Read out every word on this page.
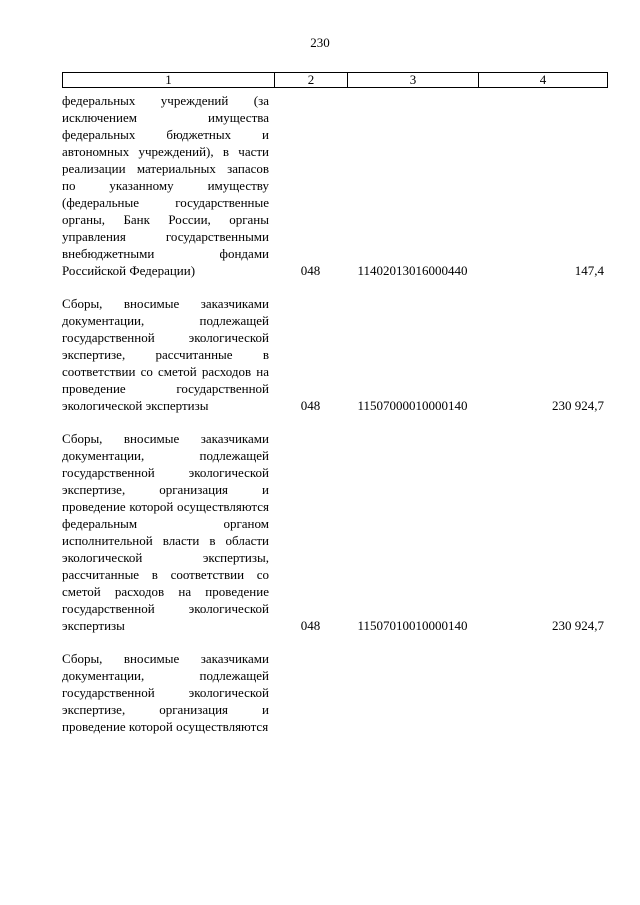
230
1	2	3	4
федеральных учреждений (за исключением имущества федеральных бюджетных и автономных учреждений), в части реализации материальных запасов по указанному имуществу (федеральные государственные органы, Банк России, органы управления государственными внебюджетными фондами Российской Федерации)	048	11402013016000440	147,4
Сборы, вносимые заказчиками документации, подлежащей государственной экологической экспертизе, рассчитанные в соответствии со сметой расходов на проведение государственной экологической экспертизы	048	11507000010000140	230 924,7
Сборы, вносимые заказчиками документации, подлежащей государственной экологической экспертизе, организация и проведение которой осуществляются федеральным органом исполнительной власти в области экологической экспертизы, рассчитанные в соответствии со сметой расходов на проведение государственной экологической экспертизы	048	11507010010000140	230 924,7
Сборы, вносимые заказчиками документации, подлежащей государственной экологической экспертизе, организация и проведение которой осуществляются
